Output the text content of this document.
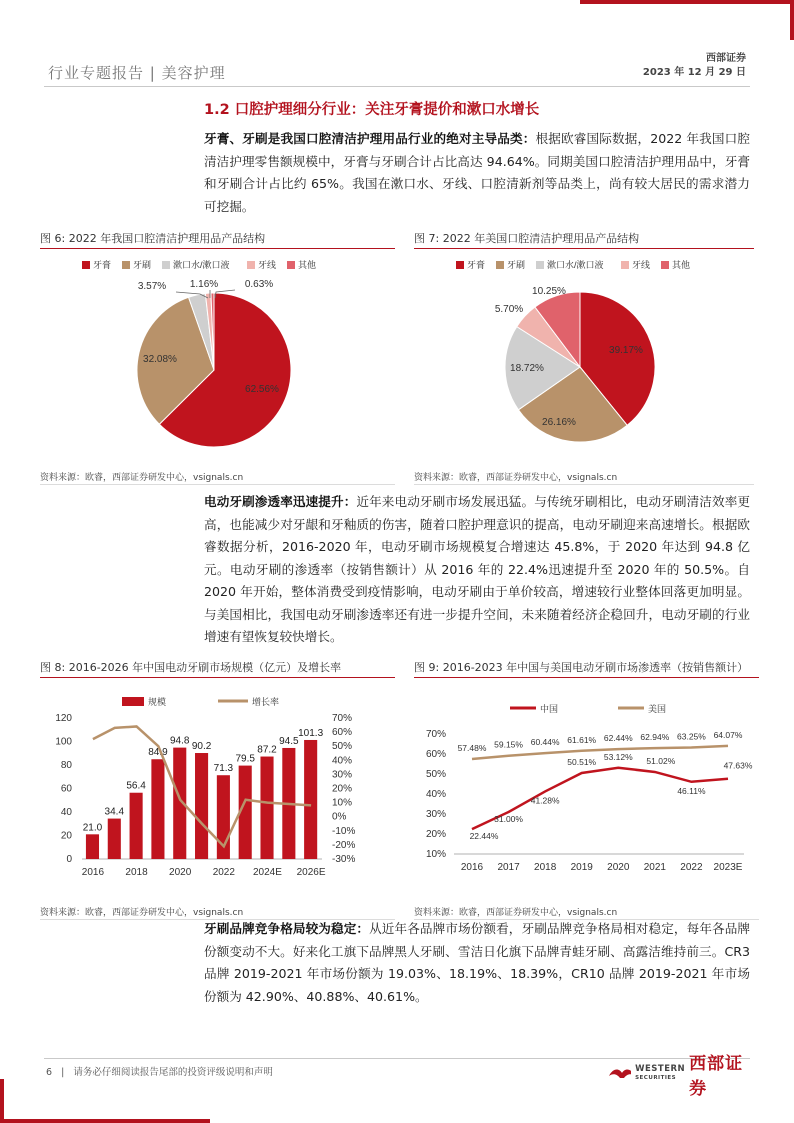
行业专题报告 | 美容护理
西部证券
2023 年 12 月 29 日
1.2 口腔护理细分行业：关注牙膏提价和漱口水增长
牙膏、牙刷是我国口腔清洁护理用品行业的绝对主导品类：根据欧睿国际数据，2022 年我国口腔清洁护理零售额规模中，牙膏与牙刷合计占比高达 94.64%。同期美国口腔清洁护理用品中，牙膏和牙刷合计占比约 65%。我国在漱口水、牙线、口腔清新剂等品类上，尚有较大居民的需求潜力可挖掘。
图 6: 2022 年我国口腔清洁护理用品产品结构
牙膏 牙刷 漱口水/漱口液	牙线 其他
62.56%
32.08%
3.57% 1.16%	0.63%
资料来源：欧睿，西部证券研发中心，vsignals.cn
图 7: 2022 年美国口腔清洁护理用品产品结构
牙膏 牙刷 漱口水/漱口液	牙线 其他
39.17%
26.16%
18.72%
5.70%
10.25%
资料来源：欧睿，西部证券研发中心，vsignals.cn
电动牙刷渗透率迅速提升：近年来电动牙刷市场发展迅猛。与传统牙刷相比，电动牙刷清洁效率更高，也能减少对牙龈和牙釉质的伤害，随着口腔护理意识的提高，电动牙刷迎来高速增长。根据欧睿数据分析，2016-2020 年，电动牙刷市场规模复合增速达 45.8%，于 2020 年达到 94.8 亿元。电动牙刷的渗透率（按销售额计）从 2016 年的 22.4%迅速提升至 2020 年的 50.5%。自 2020 年开始，整体消费受到疫情影响，电动牙刷由于单价较高，增速较行业整体回落更加明显。与美国相比，我国电动牙刷渗透率还有进一步提升空间，未来随着经济企稳回升，电动牙刷的行业增速有望恢复较快增长。
图 8: 2016-2026 年中国电动牙刷市场规模（亿元）及增长率
规模	增长率
0
20
40
60
80
100
120
-30%
-20%
-10%
0%
10%
20%
30%
40%
50%
60%
70%
21.0
34.4
56.4
84.9
94.8 90.2
71.3
79.5
87.2
94.5
101.3
2016 2018 2020 2022 2024E 2026E
资料来源：欧睿，西部证券研发中心，vsignals.cn
图 9: 2016-2023 年中国与美国电动牙刷市场渗透率（按销售额计）
中国	美国
10%
20%
30%
40%
50%
60%
70%
22.44%
31.00%
41.28%
50.51%
53.12% 51.02%
46.11%
47.63%
57.48% 59.15% 60.44% 61.61% 62.44% 62.94% 63.25% 64.07%
2016 2017 2018 2019 2020 2021 2022 2023E
资料来源：欧睿，西部证券研发中心，vsignals.cn
牙刷品牌竞争格局较为稳定：从近年各品牌市场份额看，牙刷品牌竞争格局相对稳定，每年各品牌份额变动不大。好来化工旗下品牌黑人牙刷、雪洁日化旗下品牌青蛙牙刷、高露洁维持前三。CR3 品牌 2019-2021 年市场份额为 19.03%、18.19%、18.39%，CR10 品牌 2019-2021 年市场份额为 42.90%、40.88%、40.61%。
6 | 请务必仔细阅读报告尾部的投资评级说明和声明	WESTERN
SECURITIES
西部证券
